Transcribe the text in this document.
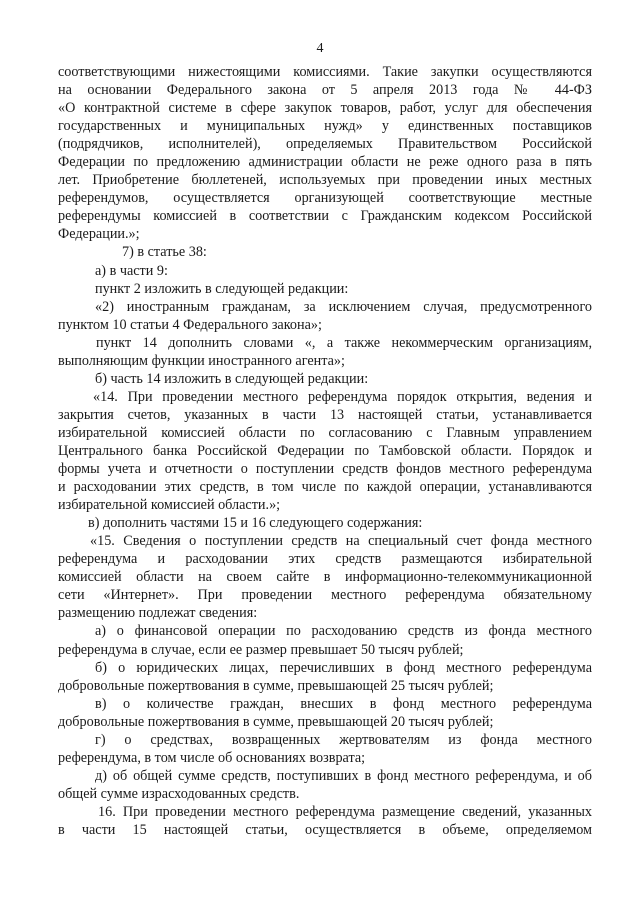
4
соответствующими нижестоящими комиссиями. Такие закупки осуществляются
на основании Федерального закона от 5 апреля 2013 года № 44-ФЗ
«О контрактной системе в сфере закупок товаров, работ, услуг для обеспечения
государственных и муниципальных нужд» у единственных поставщиков
(подрядчиков, исполнителей), определяемых Правительством Российской
Федерации по предложению администрации области не реже одного раза в пять
лет. Приобретение бюллетеней, используемых при проведении иных местных
референдумов, осуществляется организующей соответствующие местные
референдумы комиссией в соответствии с Гражданским кодексом Российской
Федерации.»;
7) в статье 38:
а) в части 9:
пункт 2 изложить в следующей редакции:
«2) иностранным гражданам, за исключением случая, предусмотренного
пунктом 10 статьи 4 Федерального закона»;
пункт 14 дополнить словами «, а также некоммерческим организациям,
выполняющим функции иностранного агента»;
б) часть 14 изложить в следующей редакции:
«14. При проведении местного референдума порядок открытия, ведения и
закрытия счетов, указанных в части 13 настоящей статьи, устанавливается
избирательной комиссией области по согласованию с Главным управлением
Центрального банка Российской Федерации по Тамбовской области. Порядок и
формы учета и отчетности о поступлении средств фондов местного референдума
и расходовании этих средств, в том числе по каждой операции, устанавливаются
избирательной комиссией области.»;
в) дополнить частями 15 и 16 следующего содержания:
«15. Сведения о поступлении средств на специальный счет фонда местного
референдума и расходовании этих средств размещаются избирательной
комиссией области на своем сайте в информационно-телекоммуникационной
сети «Интернет». При проведении местного референдума обязательному
размещению подлежат сведения:
а) о финансовой операции по расходованию средств из фонда местного
референдума в случае, если ее размер превышает 50 тысяч рублей;
б) о юридических лицах, перечисливших в фонд местного референдума
добровольные пожертвования в сумме, превышающей 25 тысяч рублей;
в) о количестве граждан, внесших в фонд местного референдума
добровольные пожертвования в сумме, превышающей 20 тысяч рублей;
г) о средствах, возвращенных жертвователям из фонда местного
референдума, в том числе об основаниях возврата;
д) об общей сумме средств, поступивших в фонд местного референдума, и об
общей сумме израсходованных средств.
16. При проведении местного референдума размещение сведений, указанных
в части 15 настоящей статьи, осуществляется в объеме, определяемом
